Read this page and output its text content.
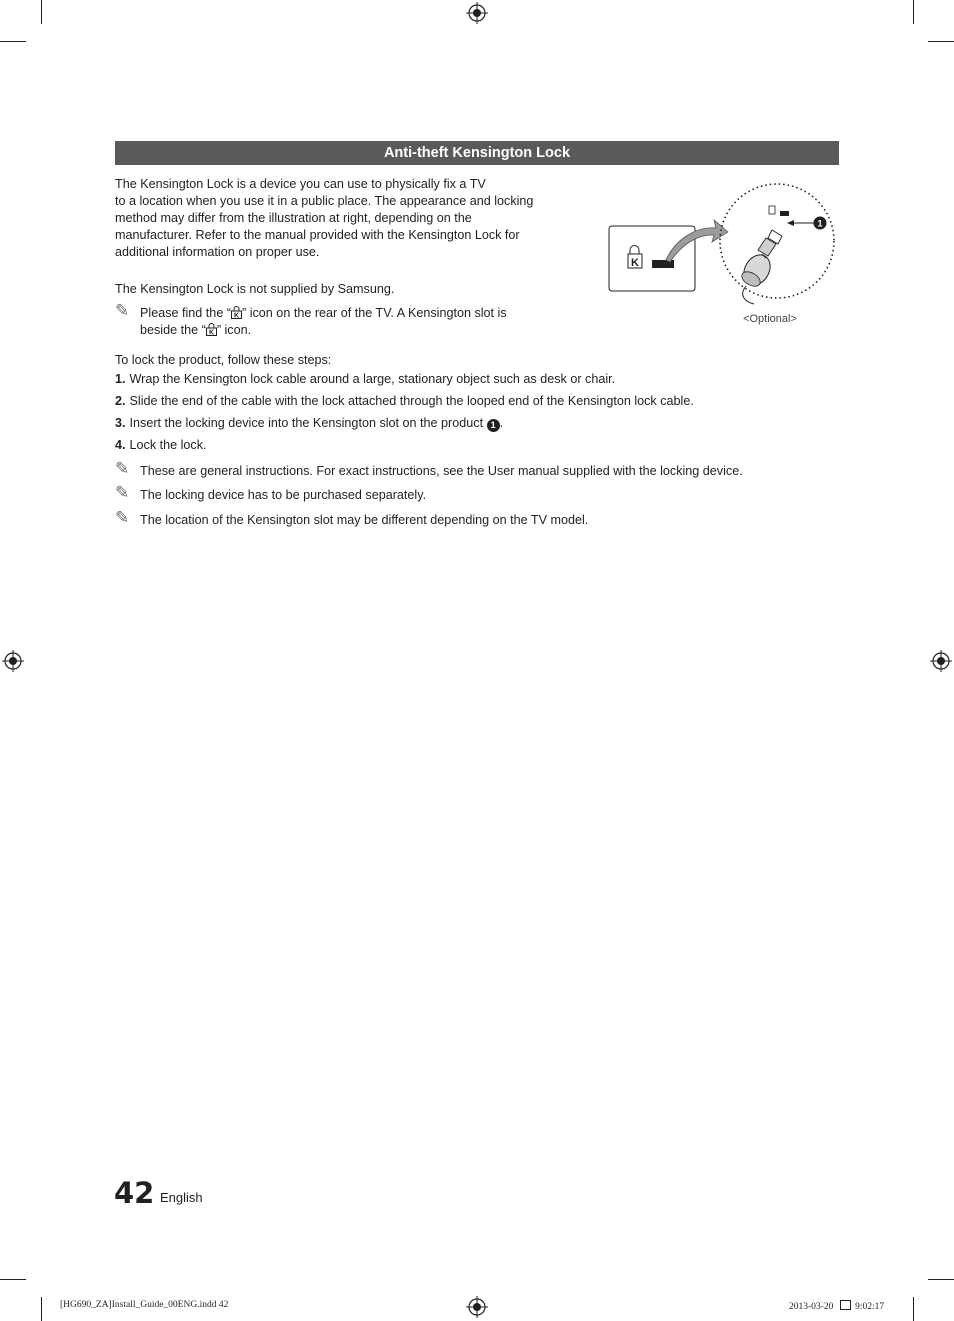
Anti-theft Kensington Lock

The Kensington Lock is a device you can use to physically fix a TV
to a location when you use it in a public place. The appearance and locking method may differ from the illustration at right, depending on the manufacturer. Refer to the manual provided with the Kensington Lock for additional information on proper use.

The Kensington Lock is not supplied by Samsung.

✎ Please find the “ K ” icon on the rear of the TV. A Kensington slot is
beside the “ K ” icon.
K
1
<Optional>

To lock the product, follow these steps:

1. Wrap the Kensington lock cable around a large, stationary object such as desk or chair.
2. Slide the end of the cable with the lock attached through the looped end of the Kensington lock cable.
3. Insert the locking device into the Kensington slot on the product 1 .
4. Lock the lock.
✎ These are general instructions. For exact instructions, see the User manual supplied with the locking device.
✎ The locking device has to be purchased separately.
✎ The location of the Kensington slot may be different depending on the TV model.
42 English
[HG690_ZA]Install_Guide_00ENG.indd 42	2013-03-20 9:02:17
